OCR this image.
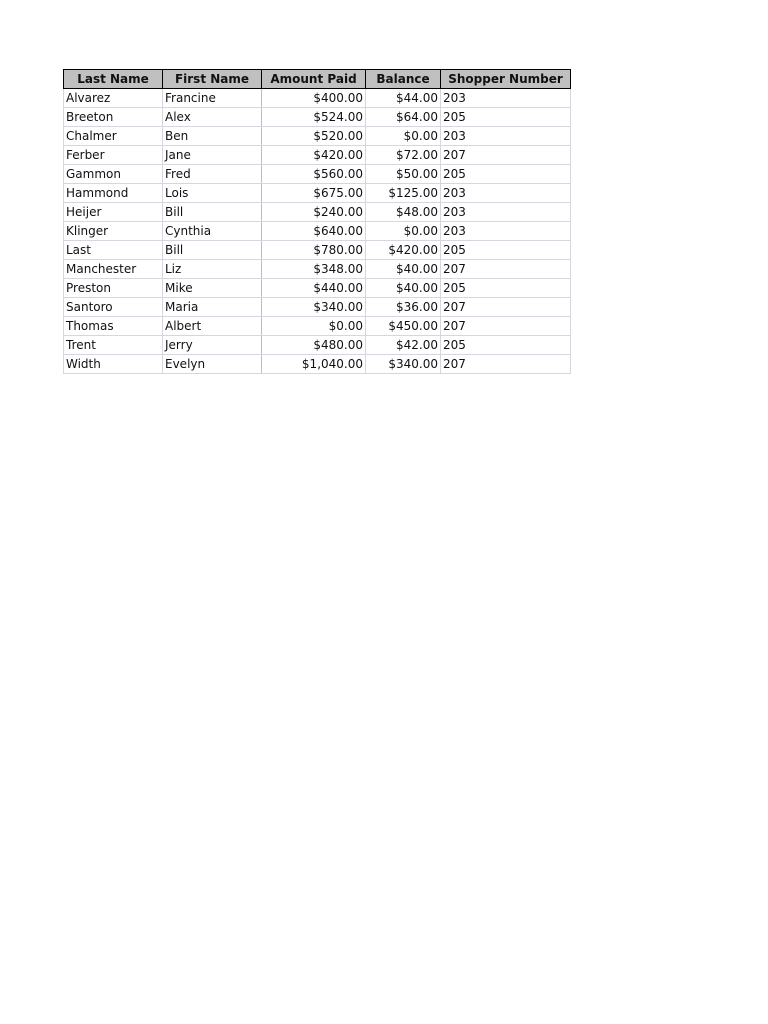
Last Name	First Name	Amount Paid	Balance	Shopper Number
Alvarez	Francine	$400.00	$44.00	203
Breeton	Alex	$524.00	$64.00	205
Chalmer	Ben	$520.00	$0.00	203
Ferber	Jane	$420.00	$72.00	207
Gammon	Fred	$560.00	$50.00	205
Hammond	Lois	$675.00	$125.00	203
Heijer	Bill	$240.00	$48.00	203
Klinger	Cynthia	$640.00	$0.00	203
Last	Bill	$780.00	$420.00	205
Manchester	Liz	$348.00	$40.00	207
Preston	Mike	$440.00	$40.00	205
Santoro	Maria	$340.00	$36.00	207
Thomas	Albert	$0.00	$450.00	207
Trent	Jerry	$480.00	$42.00	205
Width	Evelyn	$1,040.00	$340.00	207
